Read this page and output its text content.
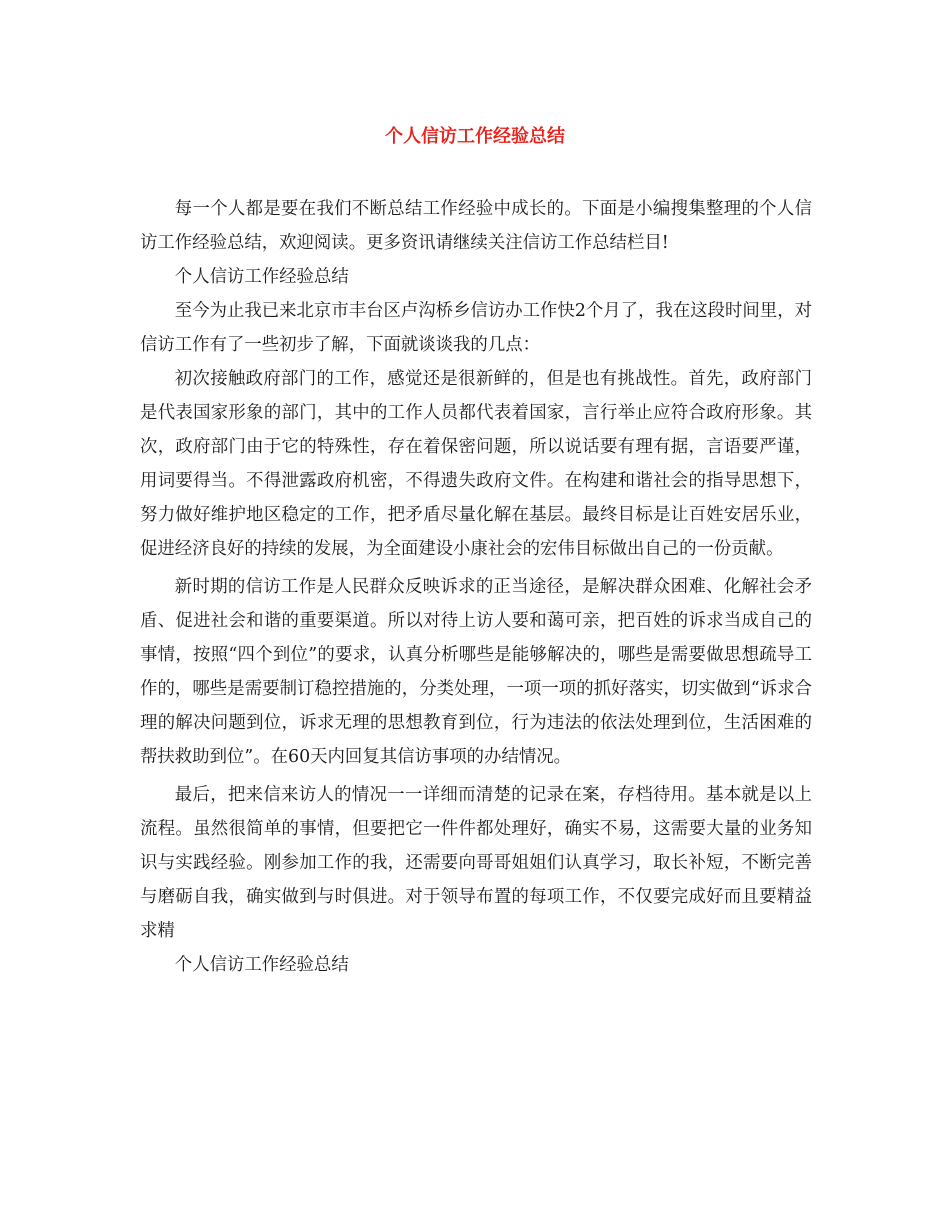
个人信访工作经验总结

每一个人都是要在我们不断总结工作经验中成长的。下面是小编搜集整理的个人信访工作经验总结，欢迎阅读。更多资讯请继续关注信访工作总结栏目!

个人信访工作经验总结

至今为止我已来北京市丰台区卢沟桥乡信访办工作快2个月了，我在这段时间里，对信访工作有了一些初步了解，下面就谈谈我的几点：

初次接触政府部门的工作，感觉还是很新鲜的，但是也有挑战性。首先，政府部门是代表国家形象的部门，其中的工作人员都代表着国家，言行举止应符合政府形象。其次，政府部门由于它的特殊性，存在着保密问题，所以说话要有理有据，言语要严谨，用词要得当。不得泄露政府机密，不得遗失政府文件。在构建和谐社会的指导思想下，努力做好维护地区稳定的工作，把矛盾尽量化解在基层。最终目标是让百姓安居乐业，促进经济良好的持续的发展，为全面建设小康社会的宏伟目标做出自己的一份贡献。

新时期的信访工作是人民群众反映诉求的正当途径，是解决群众困难、化解社会矛盾、促进社会和谐的重要渠道。所以对待上访人要和蔼可亲，把百姓的诉求当成自己的事情，按照“四个到位”的要求，认真分析哪些是能够解决的，哪些是需要做思想疏导工作的，哪些是需要制订稳控措施的，分类处理，一项一项的抓好落实，切实做到“诉求合理的解决问题到位，诉求无理的思想教育到位，行为违法的依法处理到位，生活困难的帮扶救助到位”。在60天内回复其信访事项的办结情况。

最后，把来信来访人的情况一一详细而清楚的记录在案，存档待用。基本就是以上流程。虽然很简单的事情，但要把它一件件都处理好，确实不易，这需要大量的业务知识与实践经验。刚参加工作的我，还需要向哥哥姐姐们认真学习，取长补短，不断完善与磨砺自我，确实做到与时俱进。对于领导布置的每项工作，不仅要完成好而且要精益求精

个人信访工作经验总结
